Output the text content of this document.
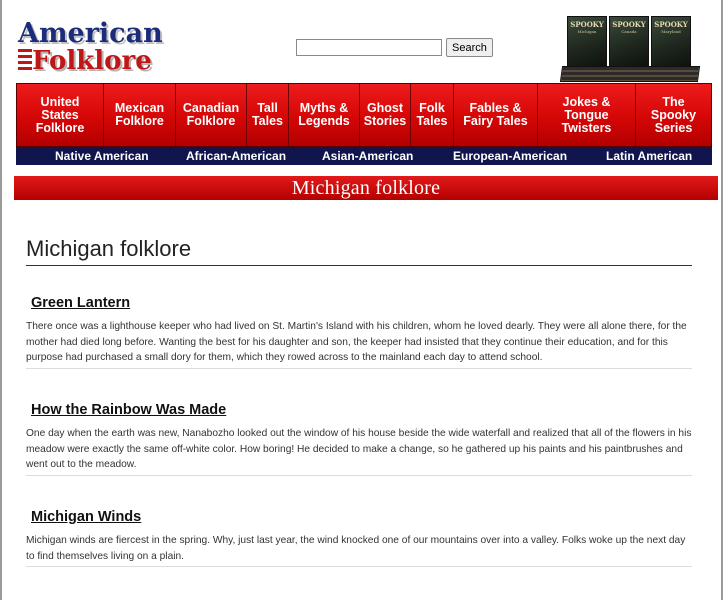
American
Folklore	Search
SPOOKY
Michigan
SPOOKY
Canada
SPOOKY
Maryland
United
States
Folklore
Mexican
Folklore
Canadian
Folklore
Tall
Tales
Myths &
Legends
Ghost
Stories
Folk
Tales
Fables &
Fairy Tales
Jokes &
Tongue
Twisters
The
Spooky
Series
Native American	African-American	Asian-American	European-American	Latin American
Michigan folklore
Michigan folklore
Green Lantern
There once was a lighthouse keeper who had lived on St. Martin's Island with his children, whom he loved dearly. They were all alone there, for the mother had died long before. Wanting the best for his daughter and son, the keeper had insisted that they continue their education, and for this purpose had purchased a small dory for them, which they rowed across to the mainland each day to attend school.
How the Rainbow Was Made
One day when the earth was new, Nanabozho looked out the window of his house beside the wide waterfall and realized that all of the flowers in his meadow were exactly the same off-white color. How boring! He decided to make a change, so he gathered up his paints and his paintbrushes and went out to the meadow.
Michigan Winds
Michigan winds are fiercest in the spring. Why, just last year, the wind knocked one of our mountains over into a valley. Folks woke up the next day to find themselves living on a plain.
